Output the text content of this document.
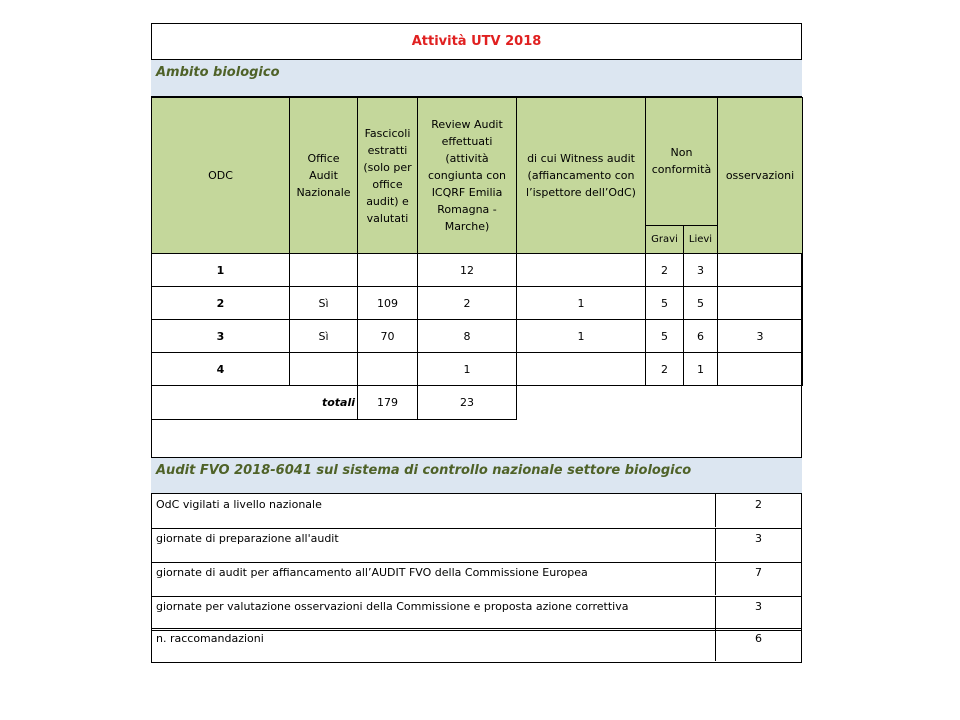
Attività UTV 2018
Ambito biologico
ODC	Office Audit Nazionale	Fascicoli estratti (solo per office audit) e valutati	Review Audit effettuati (attività congiunta con ICQRF Emilia Romagna - Marche)	di cui Witness audit (affiancamento con l’ispettore dell’OdC)	Non conformità		osservazioni
					Gravi	Lievi	
1			12		2	3	
2	Sì	109	2	1	5	5	
3	Sì	70	8	1	5	6	3
4			1		2	1	
totali		179	23				
Audit FVO 2018-6041 sul sistema di controllo nazionale settore biologico
OdC vigilati a livello nazionale	2
giornate di preparazione all'audit	3
giornate di audit per affiancamento all’AUDIT FVO della Commissione Europea	7
giornate per valutazione osservazioni della Commissione e proposta azione correttiva	3
n. raccomandazioni	6
